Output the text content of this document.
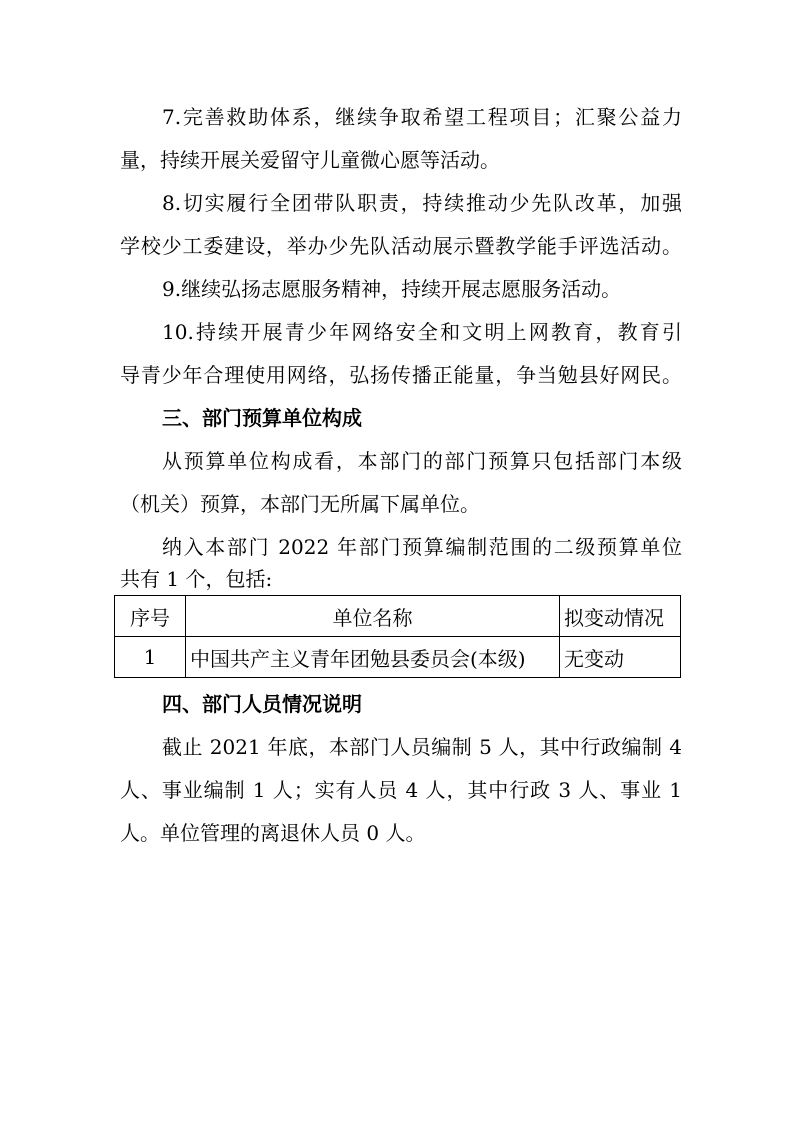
7.完善救助体系，继续争取希望工程项目；汇聚公益力

量，持续开展关爱留守儿童微心愿等活动。

8.切实履行全团带队职责，持续推动少先队改革，加强

学校少工委建设，举办少先队活动展示暨教学能手评选活动。

9.继续弘扬志愿服务精神，持续开展志愿服务活动。

10.持续开展青少年网络安全和文明上网教育，教育引

导青少年合理使用网络，弘扬传播正能量，争当勉县好网民。

三、部门预算单位构成

从预算单位构成看，本部门的部门预算只包括部门本级

（机关）预算，本部门无所属下属单位。

纳入本部门 2022 年部门预算编制范围的二级预算单位

共有 1 个，包括:

序号	单位名称	拟变动情况
1	中国共产主义青年团勉县委员会(本级)	无变动

四、部门人员情况说明

截止 2021 年底，本部门人员编制 5 人，其中行政编制 4

人、事业编制 1 人；实有人员 4 人，其中行政 3 人、事业 1

人。单位管理的离退休人员 0 人。
